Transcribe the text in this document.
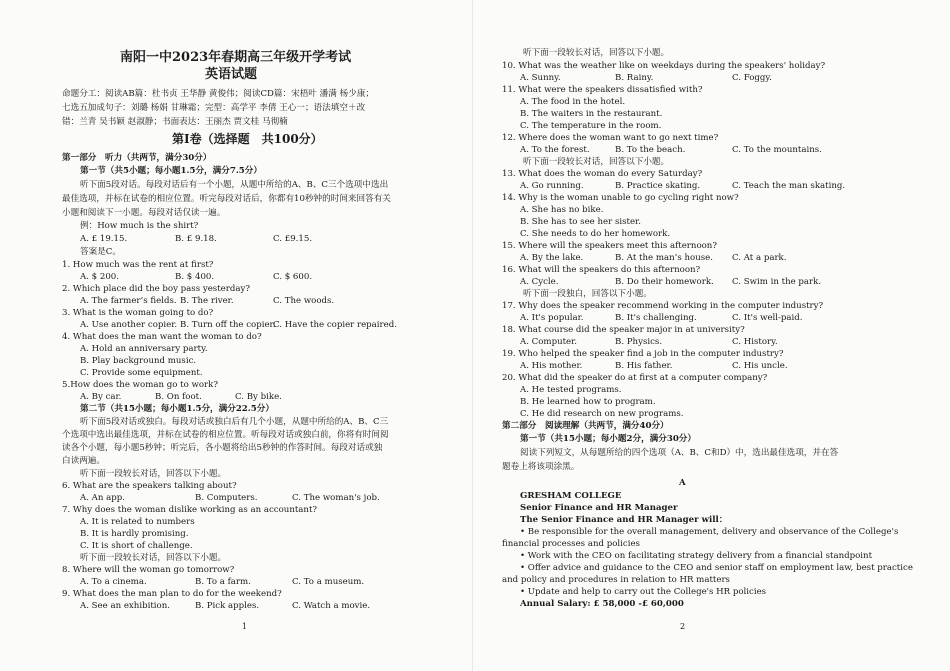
南阳一中2023年春期高三年级开学考试
英语试题
命题分工：阅读AB篇：杜书贞 王华静 黄俊伟；阅读CD篇：宋梧叶 潘满 杨少康；
七选五加成句子：刘璐 杨娟 甘琳霜；完型：高学平 李倩 王心一；语法填空＋改
错：兰青 吴书颖 赵淑静；书面表达：王丽杰 贾文桂 马彻楠
第Ⅰ卷（选择题　共100分）
第一部分　听力（共两节，满分30分）
第一节（共5小题；每小题1.5分，满分7.5分）
听下面5段对话。每段对话后有一个小题，从题中所给的A、B、C三个选项中选出
最佳选项，并标在试卷的相应位置。听完每段对话后，你都有10秒钟的时间来回答有关
小题和阅读下一小题。每段对话仅读一遍。
例：How much is the shirt?
A. £ 19.15.	B. £ 9.18.	C. £9.15.
答案是C。
1. How much was the rent at first?
A. $ 200.	B. $ 400.	C. $ 600.
2. Which place did the boy pass yesterday?
A. The farmer’s fields. B. The river.	C. The woods.
3. What is the woman going to do?
A. Use another copier. B. Turn off the copier.
C. Have the copier repaired.
4. What does the man want the woman to do?
A. Hold an anniversary party.
B. Play background music.
C. Provide some equipment.
5.How does the woman go to work?
A. By car.	B. On foot.	C. By bike.
第二节（共15小题；每小题1.5分，满分22.5分）
听下面5段对话或独白。每段对话或独白后有几个小题，从题中所给的A、B、C三
个选项中选出最佳选项，并标在试卷的相应位置。听每段对话或独白前，你将有时间阅
读各个小题，每小题5秒钟；听完后，各小题将给出5秒钟的作答时间。每段对话或独
白读两遍。
听下面一段较长对话，回答以下小题。
6. What are the speakers talking about?
A. An app.	B. Computers.	C. The woman's job.
7. Why does the woman dislike working as an accountant?
A. It is related to numbers
B. It is hardly promising.
C. It is short of challenge.
听下面一段较长对话，回答以下小题。
8. Where will the woman go tomorrow?
A. To a cinema.	B. To a farm.	C. To a museum.
9. What does the man plan to do for the weekend?
A. See an exhibition.	B. Pick apples.	C. Watch a movie.
1
听下面一段较长对话，回答以下小题。
10. What was the weather like on weekdays during the speakers' holiday?
A. Sunny.	B. Rainy.	C. Foggy.
11. What were the speakers dissatisfied with?
A. The food in the hotel.
B. The waiters in the restaurant.
C. The temperature in the room.
12. Where does the woman want to go next time?
A. To the forest.	B. To the beach.	C. To the mountains.
听下面一段较长对话，回答以下小题。
13. What does the woman do every Saturday?
A. Go running.	B. Practice skating.	C. Teach the man skating.
14. Why is the woman unable to go cycling right now?
A. She has no bike.
B. She has to see her sister.
C. She needs to do her homework.
15. Where will the speakers meet this afternoon?
A. By the lake.	B. At the man’s house. C. At a park.
16. What will the speakers do this afternoon?
A. Cycle.	B. Do their homework. C. Swim in the park.
听下面一段独白，回答以下小题。
17. Why does the speaker recommend working in the computer industry?
A. It's popular.	B. It's challenging.	C. It's well-paid.
18. What course did the speaker major in at university?
A. Computer.	B. Physics.	C. History.
19. Who helped the speaker find a job in the computer industry?
A. His mother.	B. His father.	C. His uncle.
20. What did the speaker do at first at a computer company?
A. He tested programs.
B. He learned how to program.
C. He did research on new programs.
第二部分　阅读理解（共两节，满分40分）
第一节（共15小题；每小题2分，满分30分）
阅读下列短文，从每题所给的四个选项（A、B、C和D）中，选出最佳选项，并在答
题卷上将该项涂黑。
A
GRESHAM COLLEGE
Senior Finance and HR Manager
The Senior Finance and HR Manager will：
• Be responsible for the overall management, delivery and observance of the College's
financial processes and policies
• Work with the CEO on facilitating strategy delivery from a financial standpoint
• Offer advice and guidance to the CEO and senior staff on employment law, best practice
and policy and procedures in relation to HR matters
• Update and help to carry out the College's HR policies
Annual Salary: £ 58,000 -£ 60,000
2
